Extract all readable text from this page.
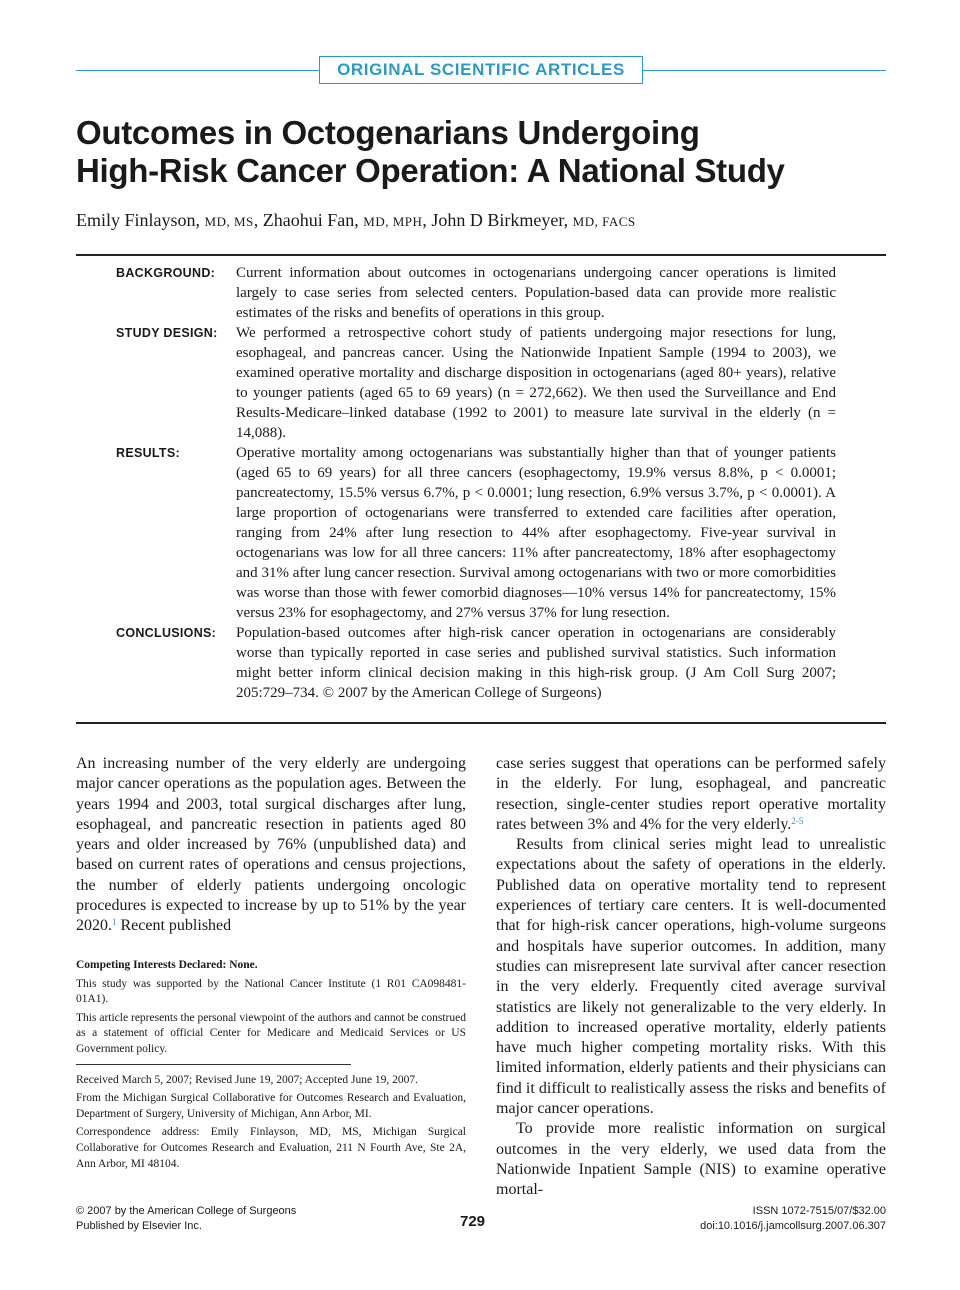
ORIGINAL SCIENTIFIC ARTICLES
Outcomes in Octogenarians Undergoing
High-Risk Cancer Operation: A National Study
Emily Finlayson, MD, MS, Zhaohui Fan, MD, MPH, John D Birkmeyer, MD, FACS
BACKGROUND:	Current information about outcomes in octogenarians undergoing cancer operations is limited largely to case series from selected centers. Population-based data can provide more realistic estimates of the risks and benefits of operations in this group.
STUDY DESIGN:	We performed a retrospective cohort study of patients undergoing major resections for lung, esophageal, and pancreas cancer. Using the Nationwide Inpatient Sample (1994 to 2003), we examined operative mortality and discharge disposition in octogenarians (aged 80+ years), relative to younger patients (aged 65 to 69 years) (n = 272,662). We then used the Surveillance and End Results-Medicare–linked database (1992 to 2001) to measure late survival in the elderly (n = 14,088).
RESULTS:	Operative mortality among octogenarians was substantially higher than that of younger patients (aged 65 to 69 years) for all three cancers (esophagectomy, 19.9% versus 8.8%, p < 0.0001; pancreatectomy, 15.5% versus 6.7%, p < 0.0001; lung resection, 6.9% versus 3.7%, p < 0.0001). A large proportion of octogenarians were transferred to extended care facilities after operation, ranging from 24% after lung resection to 44% after esophagectomy. Five-year survival in octogenarians was low for all three cancers: 11% after pancreatectomy, 18% after esophagectomy and 31% after lung cancer resection. Survival among octogenarians with two or more comorbidities was worse than those with fewer comorbid diagnoses—10% versus 14% for pancreatectomy, 15% versus 23% for esophagectomy, and 27% versus 37% for lung resection.
CONCLUSIONS:	Population-based outcomes after high-risk cancer operation in octogenarians are considerably worse than typically reported in case series and published survival statistics. Such information might better inform clinical decision making in this high-risk group. (J Am Coll Surg 2007; 205:729–734. © 2007 by the American College of Surgeons)

An increasing number of the very elderly are undergoing major cancer operations as the population ages. Between the years 1994 and 2003, total surgical discharges after lung, esophageal, and pancreatic resection in patients aged 80 years and older increased by 76% (unpublished data) and based on current rates of operations and census projections, the number of elderly patients undergoing oncologic procedures is expected to increase by up to 51% by the year 2020.$^1$ Recent published

Competing Interests Declared: None.

This study was supported by the National Cancer Institute (1 R01 CA098481-01A1).

This article represents the personal viewpoint of the authors and cannot be construed as a statement of official Center for Medicare and Medicaid Services or US Government policy.

Received March 5, 2007; Revised June 19, 2007; Accepted June 19, 2007.

From the Michigan Surgical Collaborative for Outcomes Research and Evaluation, Department of Surgery, University of Michigan, Ann Arbor, MI.

Correspondence address: Emily Finlayson, MD, MS, Michigan Surgical Collaborative for Outcomes Research and Evaluation, 211 N Fourth Ave, Ste 2A, Ann Arbor, MI 48104.

case series suggest that operations can be performed safely in the elderly. For lung, esophageal, and pancreatic resection, single-center studies report operative mortality rates between 3% and 4% for the very elderly.$^{2-5}$

Results from clinical series might lead to unrealistic expectations about the safety of operations in the elderly. Published data on operative mortality tend to represent experiences of tertiary care centers. It is well-documented that for high-risk cancer operations, high-volume surgeons and hospitals have superior outcomes. In addition, many studies can misrepresent late survival after cancer resection in the very elderly. Frequently cited average survival statistics are likely not generalizable to the very elderly. In addition to increased operative mortality, elderly patients have much higher competing mortality risks. With this limited information, elderly patients and their physicians can find it difficult to realistically assess the risks and benefits of major cancer operations.

To provide more realistic information on surgical outcomes in the very elderly, we used data from the Nationwide Inpatient Sample (NIS) to examine operative mortal-

© 2007 by the American College of Surgeons
Published by Elsevier Inc.	729
ISSN 1072-7515/07/$32.00
doi:10.1016/j.jamcollsurg.2007.06.307
